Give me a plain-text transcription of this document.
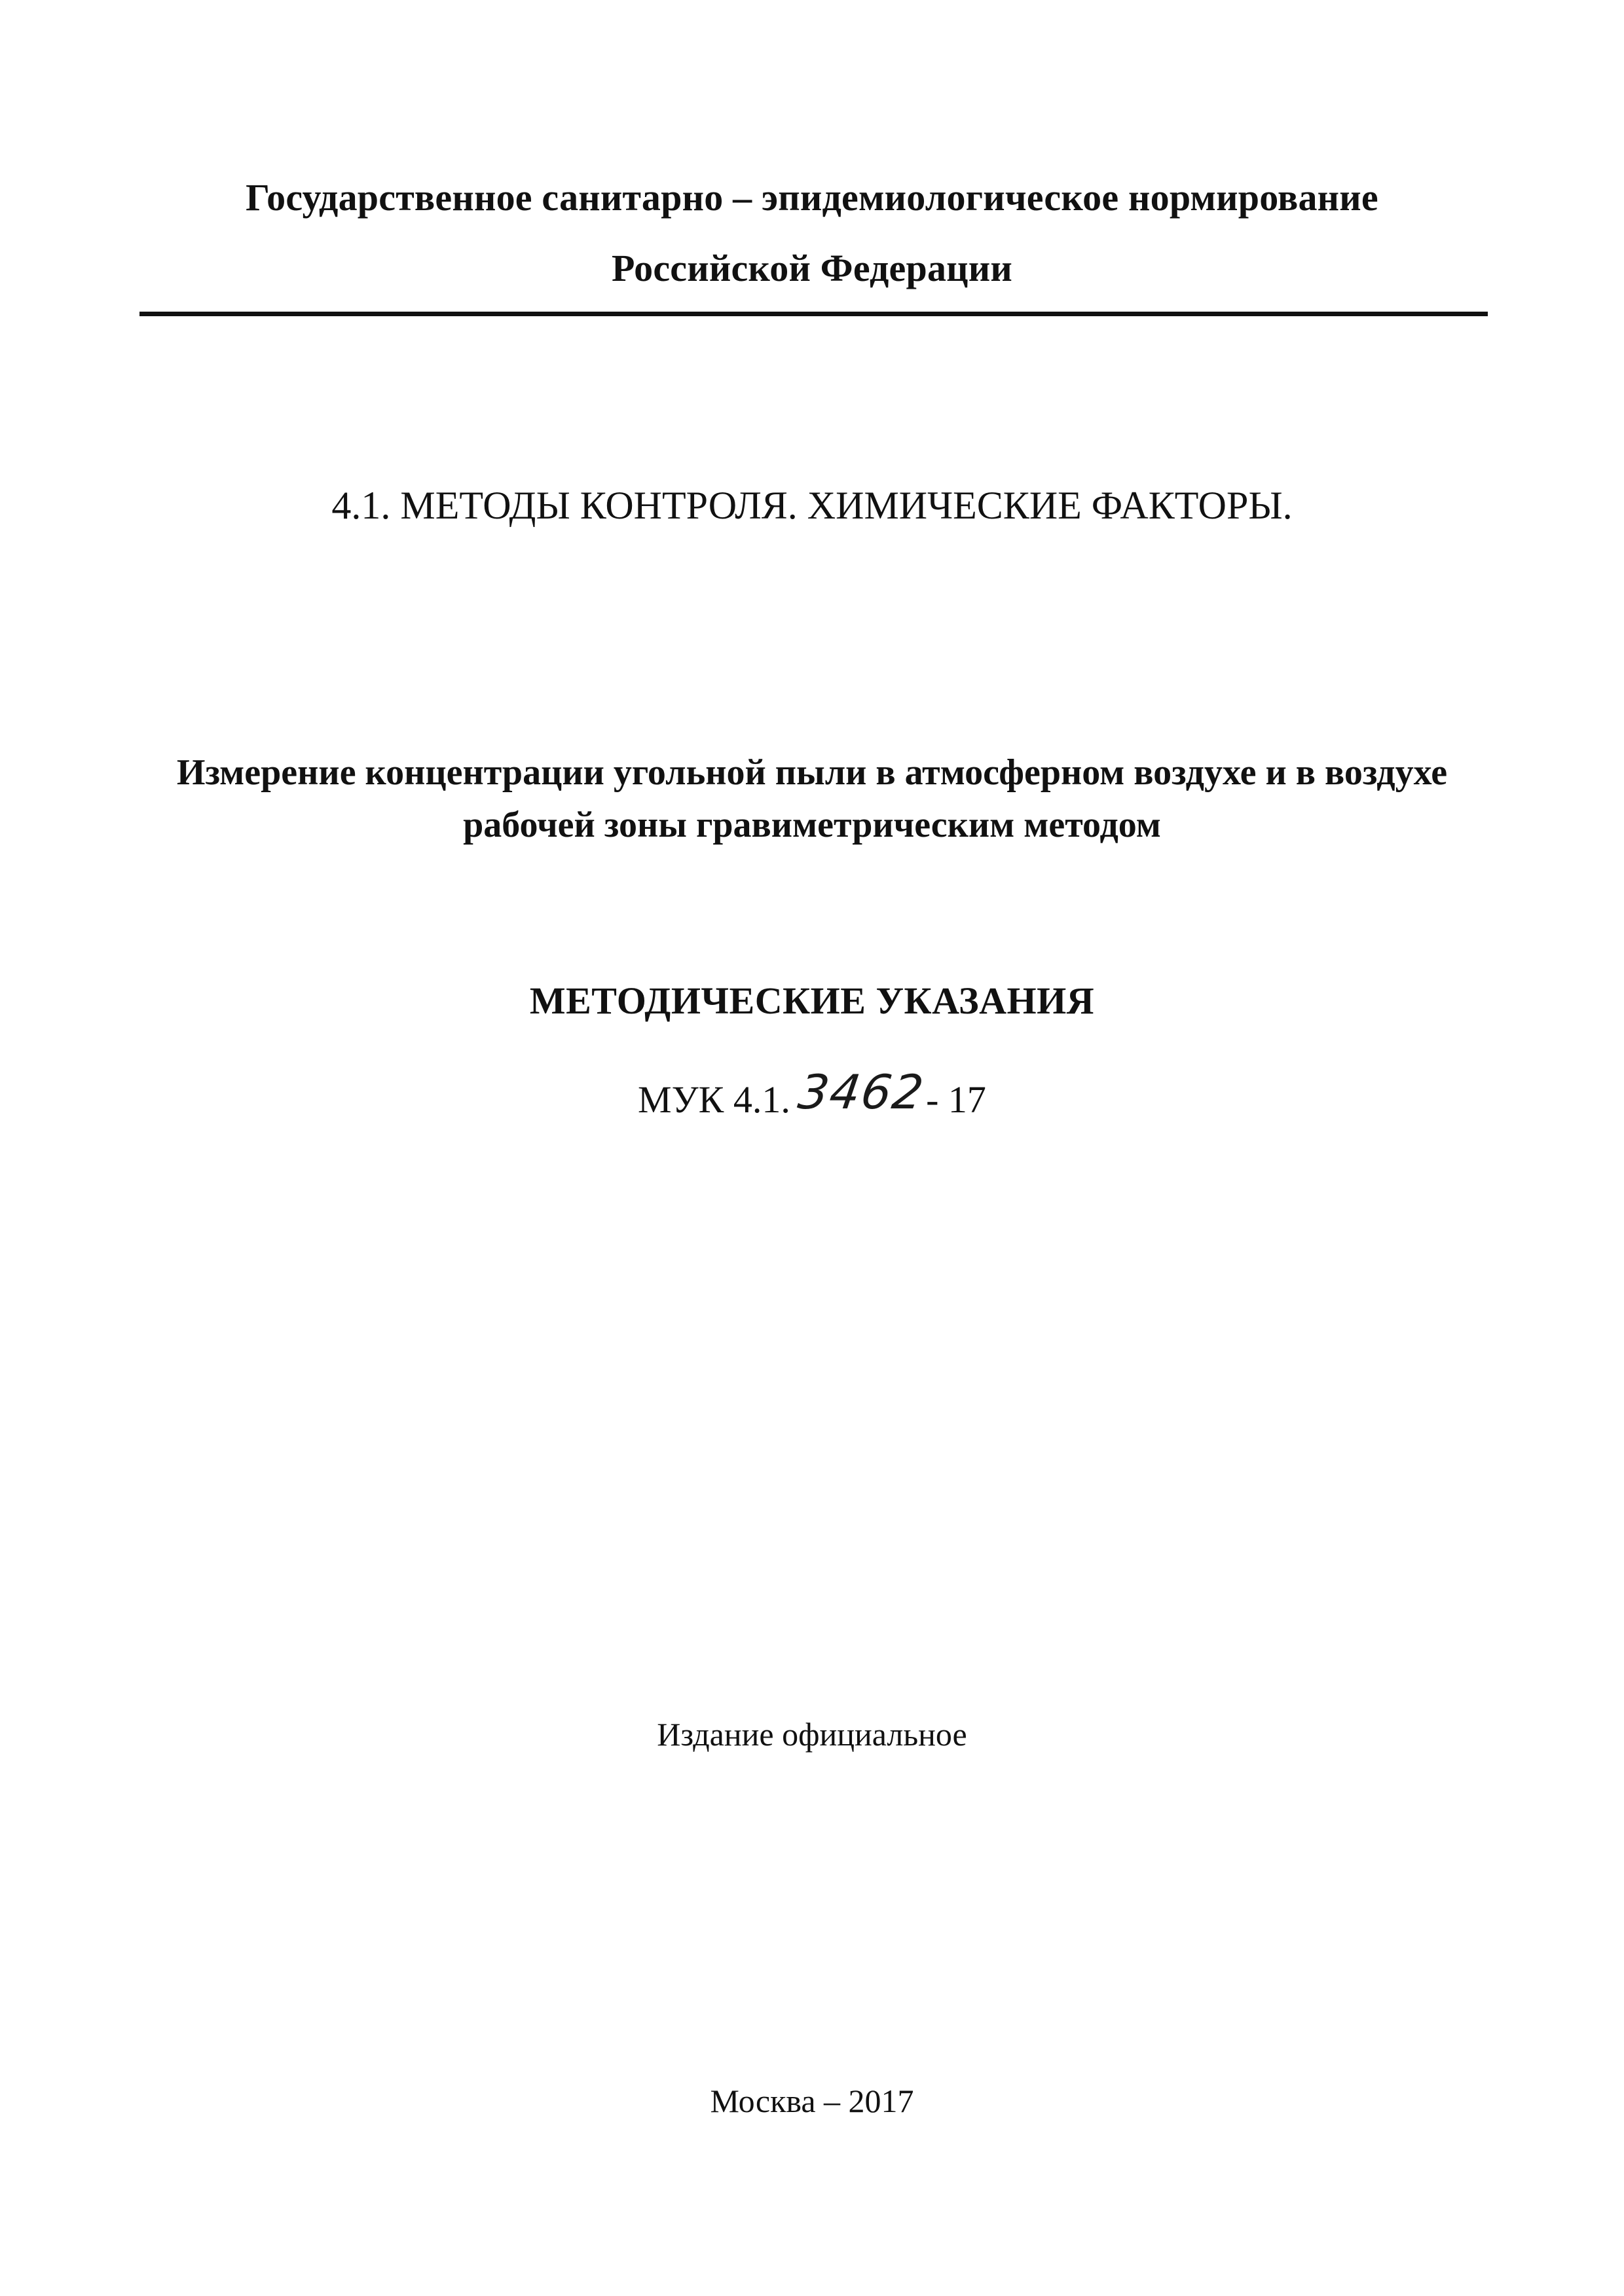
Государственное санитарно – эпидемиологическое нормирование
Российской Федерации
4.1. МЕТОДЫ КОНТРОЛЯ. ХИМИЧЕСКИЕ ФАКТОРЫ.
Измерение концентрации угольной пыли в атмосферном воздухе и в воздухе
рабочей зоны гравиметрическим методом
МЕТОДИЧЕСКИЕ УКАЗАНИЯ
МУК 4.1.3462- 17
Издание официальное
Москва – 2017
